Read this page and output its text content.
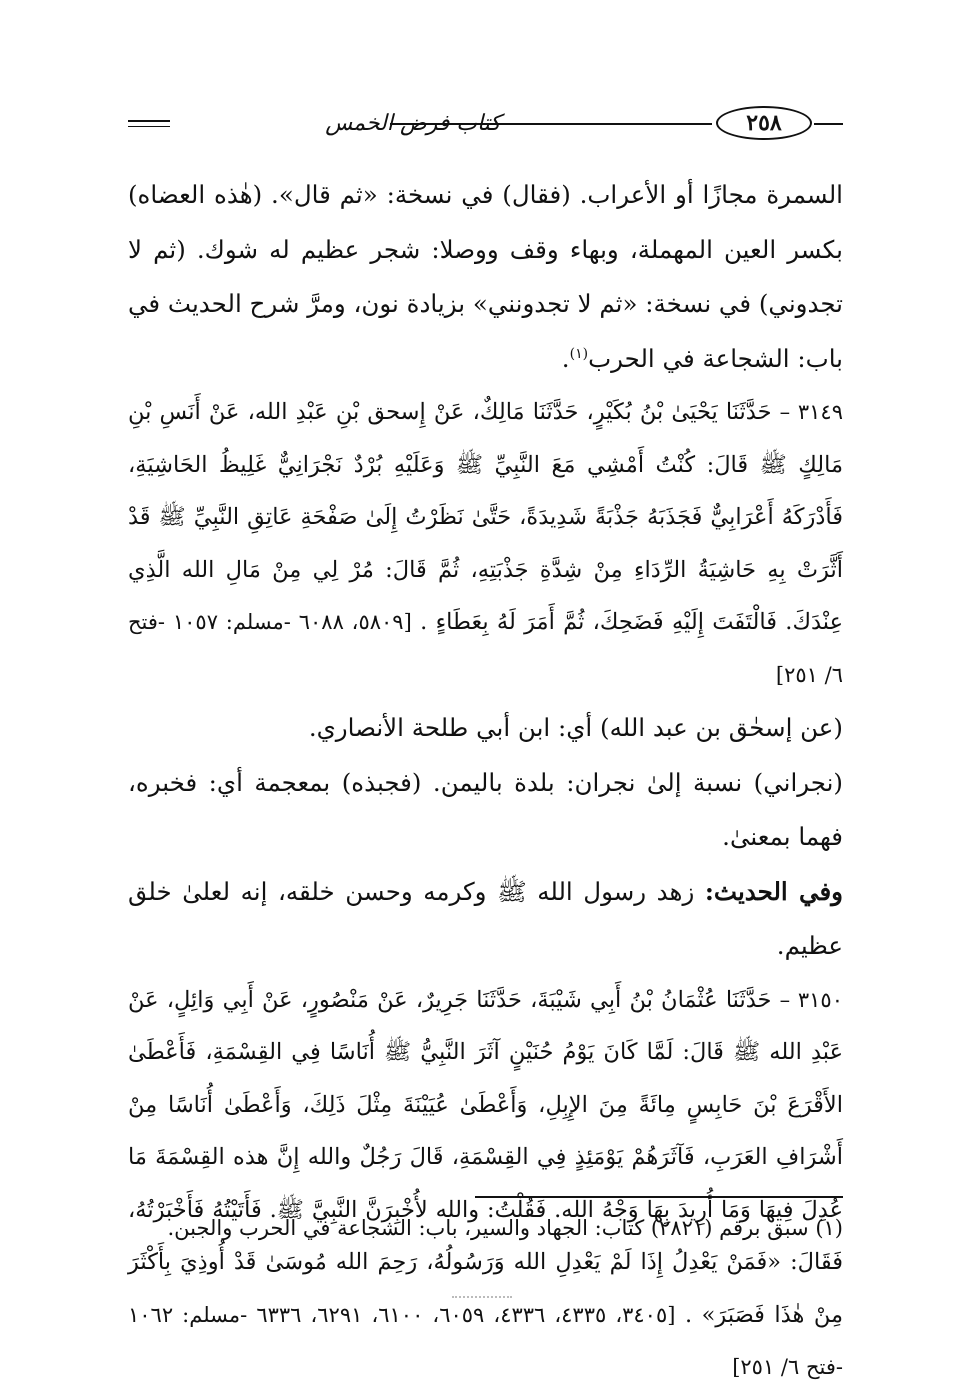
كتاب فرض الخمس	٢٥٨

السمرة مجازًا أو الأعراب. (فقال) في نسخة: «ثم قال». (هٰذه العضاه) بكسر العين المهملة، وبهاء وقف ووصلا: شجر عظيم له شوك. (ثم لا تجدوني) في نسخة: «ثم لا تجدونني» بزيادة نون، ومرَّ شرح الحديث في باب: الشجاعة في الحرب$^{(١)}$.

٣١٤٩ – حَدَّثَنَا يَحْيَىٰ بْنُ بُكَيْرٍ، حَدَّثَنَا مَالِكٌ، عَنْ إِسحق بْنِ عَبْدِ الله، عَنْ أَنَسِ بْنِ مَالِكٍ ﷺ قَالَ: كُنْتُ أَمْشِي مَعَ النَّبِيِّ ﷺ وَعَلَيْهِ بُرْدٌ نَجْرَانِيٌّ غَلِيظُ الحَاشِيَةِ، فَأَدْرَكَهُ أَعْرَابِيٌّ فَجَذَبَهُ جَذْبَةً شَدِيدَةً، حَتَّىٰ نَظَرْتُ إِلَىٰ صَفْحَةِ عَاتِقِ النَّبِيِّ ﷺ قَدْ أَثَّرَتْ بِهِ حَاشِيَةُ الرِّدَاءِ مِنْ شِدَّةِ جَذْبَتِهِ، ثُمَّ قَالَ: مُرْ لِي مِنْ مَالِ الله الَّذِي عِنْدَكَ. فَالْتَفَتَ إِلَيْهِ فَضَحِكَ، ثُمَّ أَمَرَ لَهُ بِعَطَاءٍ . [٥٨٠٩، ٦٠٨٨ -مسلم: ١٠٥٧ -فتح ٦/ ٢٥١]

(عن إسحٰق بن عبد الله) أي: ابن أبي طلحة الأنصاري.

(نجراني) نسبة إلىٰ نجران: بلدة باليمن. (فجبذه) بمعجمة أي: فخبره، فهما بمعنىٰ.

وفي الحديث: زهد رسول الله ﷺ وكرمه وحسن خلقه، إنه لعلىٰ خلق عظيم.

٣١٥٠ – حَدَّثَنَا عُثْمَانُ بْنُ أَبِي شَيْبَةَ، حَدَّثَنَا جَرِيرٌ، عَنْ مَنْصُورٍ، عَنْ أَبِي وَائِلٍ، عَنْ عَبْدِ الله ﷺ قَالَ: لَمَّا كَانَ يَوْمُ حُنَيْنٍ آثَرَ النَّبِيُّ ﷺ أُنَاسًا فِي القِسْمَةِ، فَأَعْطَىٰ الأَقْرَعَ بْنَ حَابِسٍ مِائَةً مِنَ الإِبِلِ، وَأَعْطَىٰ عُيَيْنَةَ مِثْلَ ذَلِكَ، وَأَعْطَىٰ أُنَاسًا مِنْ أَشْرَافِ العَرَبِ، فَآثَرَهُمْ يَوْمَئِذٍ فِي القِسْمَةِ، قَالَ رَجُلٌ والله إِنَّ هذه القِسْمَةَ مَا عُدِلَ فِيهَا وَمَا أُرِيدَ بِهَا وَجْهُ الله. فَقُلْتُ: والله لأُخْبِرَنَّ النَّبِيَّ ﷺ. فَأَتَيْتُهُ فَأَخْبَرْتُهُ، فَقَالَ: «فَمَنْ يَعْدِلُ إِذَا لَمْ يَعْدِلِ الله وَرَسُولُهُ، رَحِمَ الله مُوسَىٰ قَدْ أُوذِيَ بِأَكْثَرَ مِنْ هٰذَا فَصَبَرَ» . [٣٤٠٥، ٤٣٣٥، ٤٣٣٦، ٦٠٥٩، ٦١٠٠، ٦٢٩١، ٦٣٣٦ -مسلم: ١٠٦٢ -فتح ٦/ ٢٥١]

(١) سبق برقم (٢٨٢١) كتاب: الجهاد والسير، باب: الشجاعة في الحرب والجبن.
